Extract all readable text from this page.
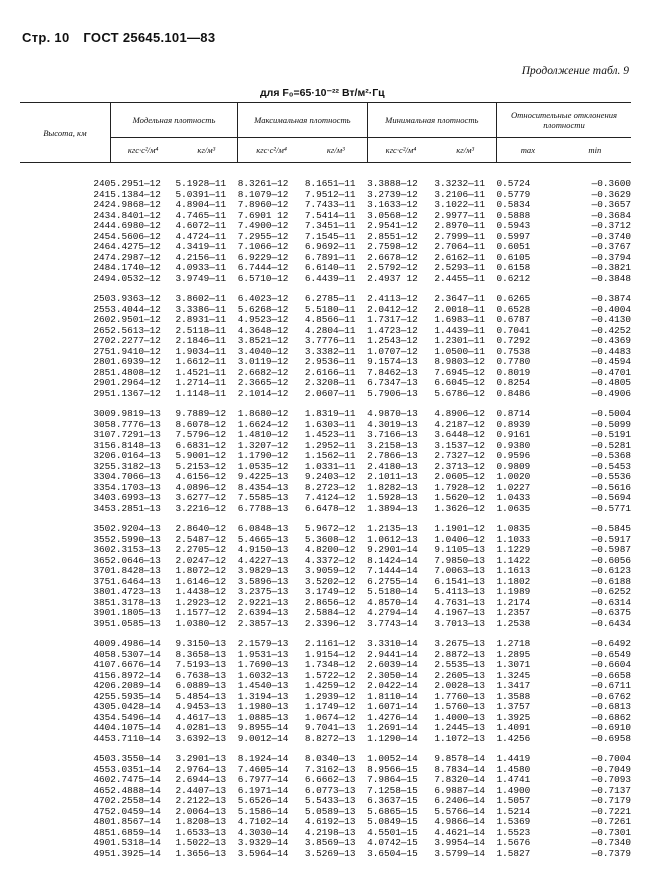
Стр. 10 ГОСТ 25645.101—83
Продолжение табл. 9
для F₀=65·10⁻²² Вт/м²·Гц
Высота, км	Модельная плотность		Максимальная плотность		Минимальная плотность		Относительные отклонения плотности	
	кгс·с²/м⁴	кг/м³	кгс·с²/м⁴	кг/м³	кгс·с²/м⁴	кг/м³	max	min

240	5.2951—12	5.1928—11	8.3261—12	8.1651—11	3.3888—12	3.3232—11	0.5724	—0.3600
241	5.1384—12	5.0391—11	8.1079—12	7.9512—11	3.2739—12	3.2106—11	0.5779	—0.3629
242	4.9868—12	4.8904—11	7.8960—12	7.7433—11	3.1633—12	3.1022—11	0.5834	—0.3657
243	4.8401—12	4.7465—11	7.6901 12	7.5414—11	3.0568—12	2.9977—11	0.5888	—0.3684
244	4.6980—12	4.6072—11	7.4900—12	7.3451—11	2.9541—12	2.8970—11	0.5943	—0.3712
245	4.5606—12	4.4724—11	7.2955—12	7.1545—11	2.8551—12	2.7999—11	0.5997	—0.3740
246	4.4275—12	4.3419—11	7.1066—12	6.9692—11	2.7598—12	2.7064—11	0.6051	—0.3767
247	4.2987—12	4.2156—11	6.9229—12	6.7891—11	2.6678—12	2.6162—11	0.6105	—0.3794
248	4.1740—12	4.0933—11	6.7444—12	6.6140—11	2.5792—12	2.5293—11	0.6158	—0.3821
249	4.0532—12	3.9749—11	6.5710—12	6.4439—11	2.4937 12	2.4455—11	0.6212	—0.3848

250	3.9363—12	3.8602—11	6.4023—12	6.2785—11	2.4113—12	2.3647—11	0.6265	—0.3874
255	3.4044—12	3.3386—11	5.6268—12	5.5180—11	2.0412—12	2.0018—11	0.6528	—0.4004
260	2.9501—12	2.8931—11	4.9523—12	4.8566—11	1.7317—12	1.6983—11	0.6787	—0.4130
265	2.5613—12	2.5118—11	4.3648—12	4.2804—11	1.4723—12	1.4439—11	0.7041	—0.4252
270	2.2277—12	2.1846—11	3.8521—12	3.7776—11	1.2543—12	1.2301—11	0.7292	—0.4369
275	1.9410—12	1.9034—11	3.4040—12	3.3382—11	1.0707—12	1.0500—11	0.7538	—0.4483
280	1.6939—12	1.6612—11	3.0119—12	2.9536—11	9.1574—13	8.9803—12	0.7780	—0.4594
285	1.4808—12	1.4521—11	2.6682—12	2.6166—11	7.8462—13	7.6945—12	0.8019	—0.4701
290	1.2964—12	1.2714—11	2.3665—12	2.3208—11	6.7347—13	6.6045—12	0.8254	—0.4805
295	1.1367—12	1.1148—11	2.1014—12	2.0607—11	5.7906—13	5.6786—12	0.8486	—0.4906

300	9.9819—13	9.7889—12	1.8680—12	1.8319—11	4.9870—13	4.8906—12	0.8714	—0.5004
305	8.7776—13	8.6078—12	1.6624—12	1.6303—11	4.3019—13	4.2187—12	0.8939	—0.5099
310	7.7291—13	7.5796—12	1.4810—12	1.4523—11	3.7166—13	3.6448—12	0.9161	—0.5191
315	6.8148—13	6.6831—12	1.3207—12	1.2952—11	3.2158—13	3.1537—12	0.9380	—0.5281
320	6.0164—13	5.9001—12	1.1790—12	1.1562—11	2.7866—13	2.7327—12	0.9596	—0.5368
325	5.3182—13	5.2153—12	1.0535—12	1.0331—11	2.4180—13	2.3713—12	0.9809	—0.5453
330	4.7066—13	4.6156—12	9.4225—13	9.2403—12	2.1011—13	2.0605—12	1.0020	—0.5536
335	4.1703—13	4.0896—12	8.4354—13	8.2723—12	1.8282—13	1.7928—12	1.0227	—0.5616
340	3.6993—13	3.6277—12	7.5585—13	7.4124—12	1.5928—13	1.5620—12	1.0433	—0.5694
345	3.2851—13	3.2216—12	6.7788—13	6.6478—12	1.3894—13	1.3626—12	1.0635	—0.5771

350	2.9204—13	2.8640—12	6.0848—13	5.9672—12	1.2135—13	1.1901—12	1.0835	—0.5845
355	2.5990—13	2.5487—12	5.4665—13	5.3608—12	1.0612—13	1.0406—12	1.1033	—0.5917
360	2.3153—13	2.2705—12	4.9150—13	4.8200—12	9.2901—14	9.1105—13	1.1229	—0.5987
365	2.0646—13	2.0247—12	4.4227—13	4.3372—12	8.1424—14	7.9850—13	1.1422	—0.6056
370	1.8428—13	1.8072—12	3.9829—13	3.9059—12	7.1444—14	7.0063—13	1.1613	—0.6123
375	1.6464—13	1.6146—12	3.5896—13	3.5202—12	6.2755—14	6.1541—13	1.1802	—0.6188
380	1.4723—13	1.4438—12	3.2375—13	3.1749—12	5.5180—14	5.4113—13	1.1989	—0.6252
385	1.3178—13	1.2923—12	2.9221—13	2.8656—12	4.8570—14	4.7631—13	1.2174	—0.6314
390	1.1805—13	1.1577—12	2.6394—13	2.5884—12	4.2794—14	4.1967—13	1.2357	—0.6375
395	1.0585—13	1.0380—12	2.3857—13	2.3396—12	3.7743—14	3.7013—13	1.2538	—0.6434

400	9.4986—14	9.3150—13	2.1579—13	2.1161—12	3.3310—14	3.2675—13	1.2718	—0.6492
405	8.5307—14	8.3658—13	1.9531—13	1.9154—12	2.9441—14	2.8872—13	1.2895	—0.6549
410	7.6676—14	7.5193—13	1.7690—13	1.7348—12	2.6039—14	2.5535—13	1.3071	—0.6604
415	6.8972—14	6.7638—13	1.6032—13	1.5722—12	2.3050—14	2.2605—13	1.3245	—0.6658
420	6.2089—14	6.0889—13	1.4540—13	1.4259—12	2.0422—14	2.0028—13	1.3417	—0.6711
425	5.5935—14	5.4854—13	1.3194—13	1.2939—12	1.8110—14	1.7760—13	1.3588	—0.6762
430	5.0428—14	4.9453—13	1.1980—13	1.1749—12	1.6071—14	1.5760—13	1.3757	—0.6813
435	4.5496—14	4.4617—13	1.0885—13	1.0674—12	1.4276—14	1.4000—13	1.3925	—0.6862
440	4.1075—14	4.0281—13	9.8955—14	9.7041—13	1.2691—14	1.2445—13	1.4091	—0.6910
445	3.7110—14	3.6392—13	9.0012—14	8.8272—13	1.1290—14	1.1072—13	1.4256	—0.6958

450	3.3550—14	3.2901—13	8.1924—14	8.0340—13	1.0052—14	9.8578—14	1.4419	—0.7004
455	3.0351—14	2.9764—13	7.4605—14	7.3162—13	8.9566—15	8.7834—14	1.4580	—0.7049
460	2.7475—14	2.6944—13	6.7977—14	6.6662—13	7.9864—15	7.8320—14	1.4741	—0.7093
465	2.4888—14	2.4407—13	6.1971—14	6.0773—13	7.1258—15	6.9887—14	1.4900	—0.7137
470	2.2558—14	2.2122—13	5.6526—14	5.5433—13	6.3637—15	6.2406—14	1.5057	—0.7179
475	2.0459—14	2.0064—13	5.1586—14	5.0589—13	5.6865—15	5.5766—14	1.5214	—0.7221
480	1.8567—14	1.8208—13	4.7102—14	4.6192—13	5.0849—15	4.9866—14	1.5369	—0.7261
485	1.6859—14	1.6533—13	4.3030—14	4.2198—13	4.5501—15	4.4621—14	1.5523	—0.7301
490	1.5318—14	1.5022—13	3.9329—14	3.8569—13	4.0742—15	3.9954—14	1.5676	—0.7340
495	1.3925—14	1.3656—13	3.5964—14	3.5269—13	3.6504—15	3.5799—14	1.5827	—0.7379
